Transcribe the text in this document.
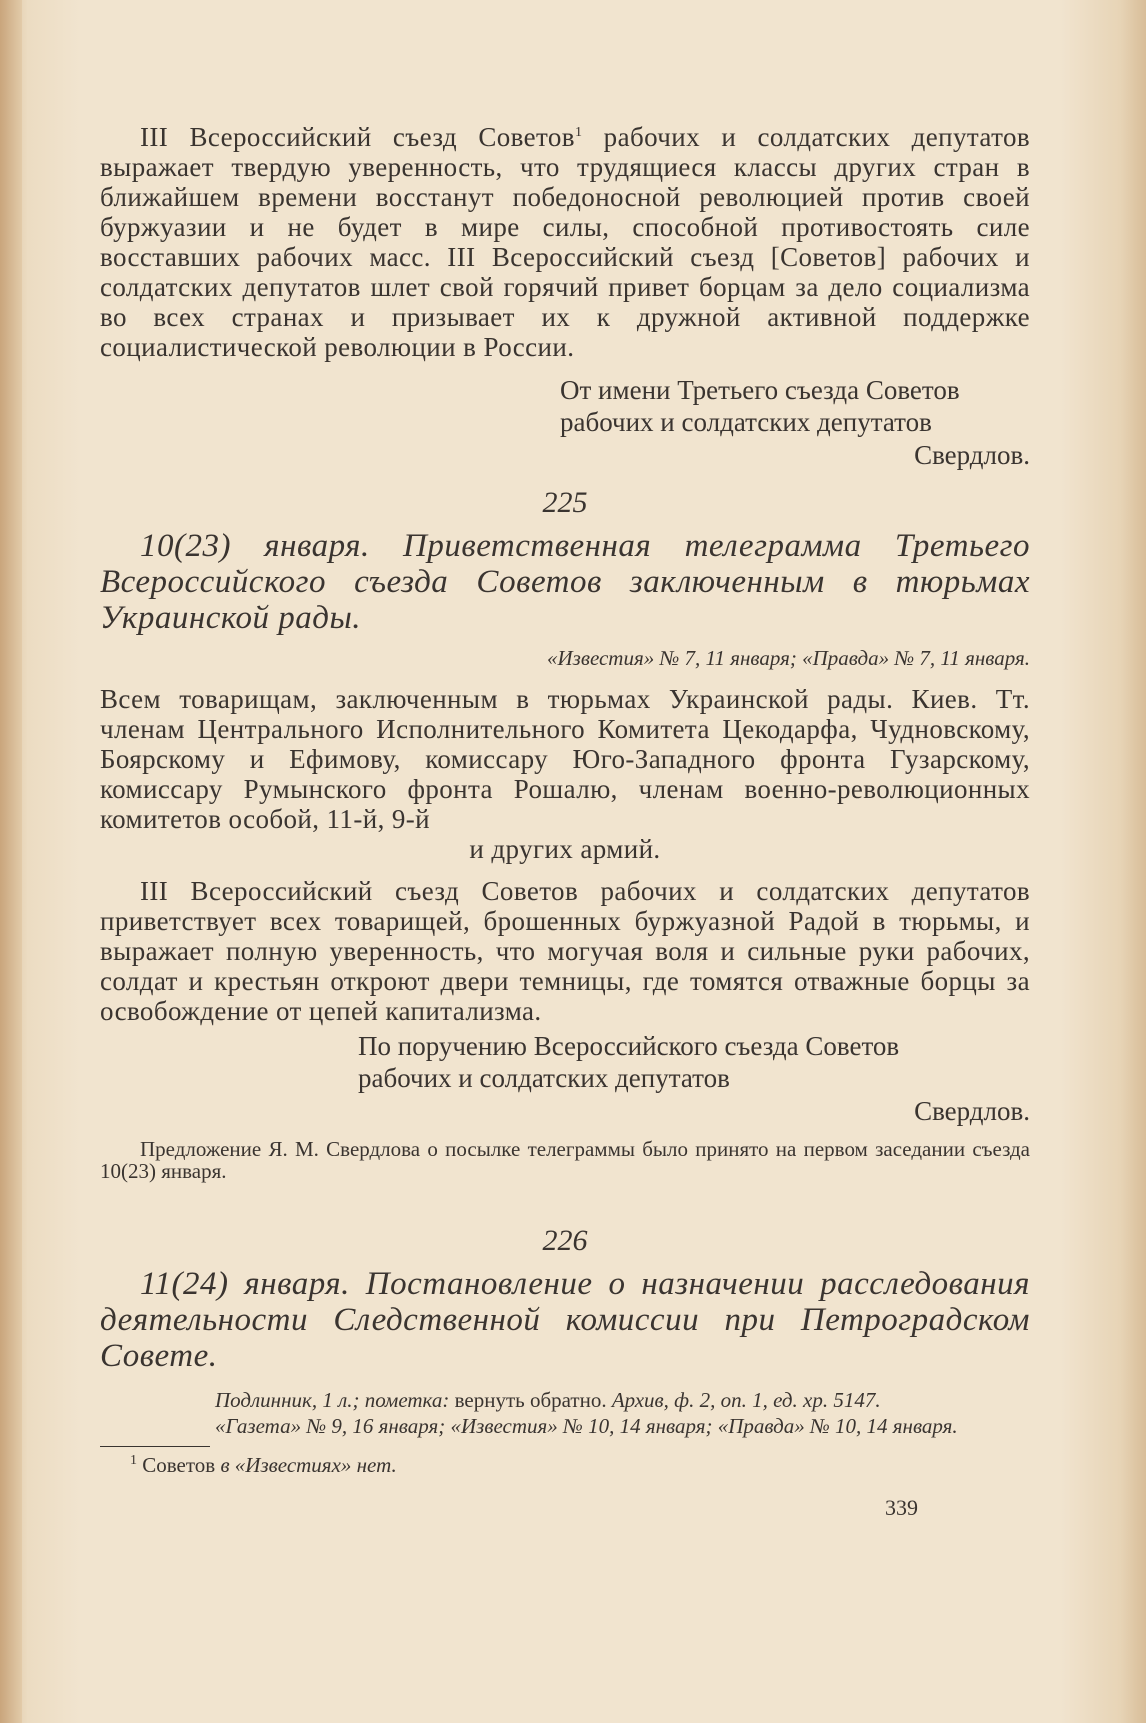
III Всероссийский съезд Советов$^1$ рабочих и солдатских депутатов выражает твердую уверенность, что трудящиеся классы других стран в ближайшем времени восстанут победоносной революцией против своей буржуазии и не будет в мире силы, способной противостоять силе восставших рабочих масс. III Всероссийский съезд [Советов] рабочих и солдатских депутатов шлет свой горячий привет борцам за дело социализма во всех странах и призывает их к дружной активной поддержке социалистической революции в России.

От имени Третьего съезда Советов
рабочих и солдатских депутатов
Свердлов.
225

10(23) января. Приветственная телеграмма Третьего Всероссийского съезда Советов заключенным в тюрьмах Украинской рады.

«Известия» № 7, 11 января; «Правда» № 7, 11 января.

Всем товарищам, заключенным в тюрьмах Украинской рады. Киев. Тт. членам Центрального Исполнительного Комитета Цекодарфа, Чудновскому, Боярскому и Ефимову, комиссару Юго-Западного фронта Гузарскому, комиссару Румынского фронта Рошалю, членам военно-революционных комитетов особой, 11-й, 9-й

и других армий.

III Всероссийский съезд Советов рабочих и солдатских депутатов приветствует всех товарищей, брошенных буржуазной Радой в тюрьмы, и выражает полную уверенность, что могучая воля и сильные руки рабочих, солдат и крестьян откроют двери темницы, где томятся отважные борцы за освобождение от цепей капитализма.

По поручению Всероссийского съезда Советов
рабочих и солдатских депутатов
Свердлов.

Предложение Я. М. Свердлова о посылке телеграммы было принято на первом заседании съезда 10(23) января.

226

11(24) января. Постановление о назначении расследования деятельности Следственной комиссии при Петроградском Совете.

Подлинник, 1 л.; пометка: вернуть обратно. Архив, ф. 2, оп. 1, ед. хр. 5147.

«Газета» № 9, 16 января; «Известия» № 10, 14 января; «Правда» № 10, 14 января.

$^1$ Советов в «Известиях» нет.

339
